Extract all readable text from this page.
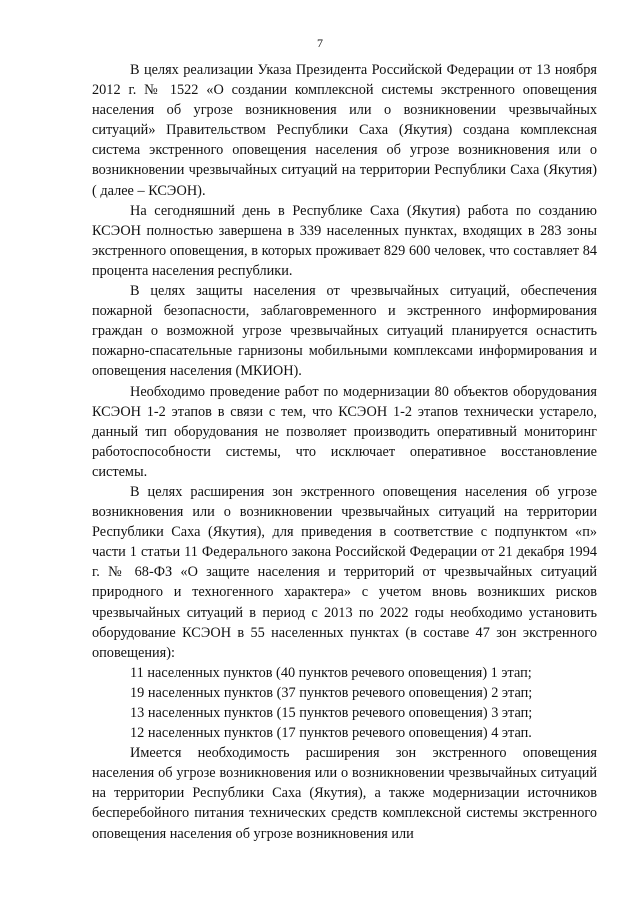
7

В целях реализации Указа Президента Российской Федерации от 13 ноября 2012 г. № 1522 «О создании комплексной системы экстренного оповещения населения об угрозе возникновения или о возникновении чрезвычайных ситуаций» Правительством Республики Саха (Якутия) создана комплексная система экстренного оповещения населения об угрозе возникновения или о возникновении чрезвычайных ситуаций на территории Республики Саха (Якутия) ( далее – КСЭОН).

На сегодняшний день в Республике Саха (Якутия) работа по созданию КСЭОН полностью завершена в 339 населенных пунктах, входящих в 283 зоны экстренного оповещения, в которых проживает 829 600 человек, что составляет 84 процента населения республики.

В целях защиты населения от чрезвычайных ситуаций, обеспечения пожарной безопасности, заблаговременного и экстренного информирования граждан о возможной угрозе чрезвычайных ситуаций планируется оснастить пожарно-спасательные гарнизоны мобильными комплексами информирования и оповещения населения (МКИОН).

Необходимо проведение работ по модернизации 80 объектов оборудования КСЭОН 1-2 этапов в связи с тем, что КСЭОН 1-2 этапов технически устарело, данный тип оборудования не позволяет производить оперативный мониторинг работоспособности системы, что исключает оперативное восстановление системы.

В целях расширения зон экстренного оповещения населения об угрозе возникновения или о возникновении чрезвычайных ситуаций на территории Республики Саха (Якутия), для приведения в соответствие с подпунктом «п» части 1 статьи 11 Федерального закона Российской Федерации от 21 декабря 1994 г. № 68-ФЗ «О защите населения и территорий от чрезвычайных ситуаций природного и техногенного характера» с учетом вновь возникших рисков чрезвычайных ситуаций в период с 2013 по 2022 годы необходимо установить оборудование КСЭОН в 55 населенных пунктах (в составе 47 зон экстренного оповещения):

11 населенных пунктов (40 пунктов речевого оповещения) 1 этап;

19 населенных пунктов (37 пунктов речевого оповещения) 2 этап;

13 населенных пунктов (15 пунктов речевого оповещения) 3 этап;

12 населенных пунктов (17 пунктов речевого оповещения) 4 этап.

Имеется необходимость расширения зон экстренного оповещения населения об угрозе возникновения или о возникновении чрезвычайных ситуаций на территории Республики Саха (Якутия), а также модернизации источников бесперебойного питания технических средств комплексной системы экстренного оповещения населения об угрозе возникновения или
